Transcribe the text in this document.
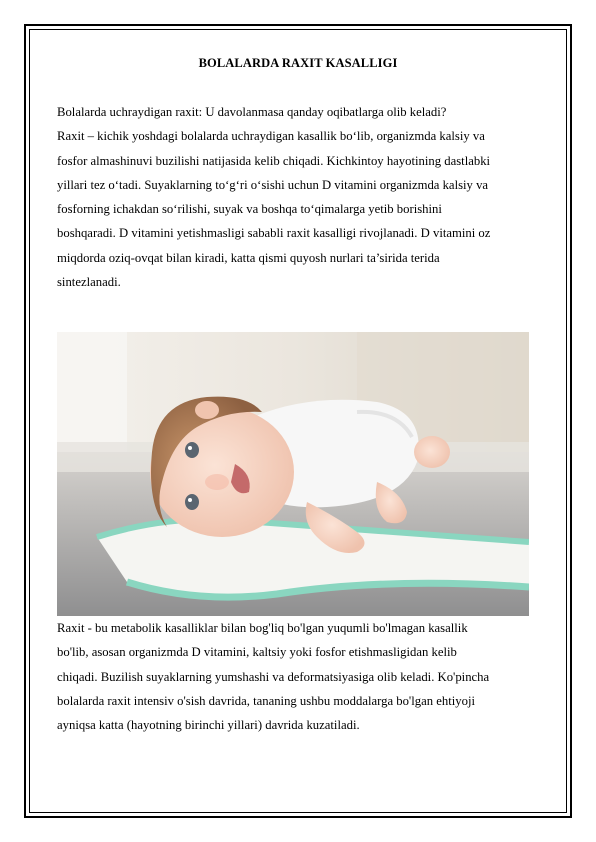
BOLALARDA RAXIT KASALLIGI
Bolalarda uchraydigan raxit: U davolanmasa qanday oqibatlarga olib keladi?
Raxit – kichik yoshdagi bolalarda uchraydigan kasallik bo‘lib, organizmda kalsiy va
fosfor almashinuvi buzilishi natijasida kelib chiqadi. Kichkintoy hayotining dastlabki
yillari tez o‘tadi. Suyaklarning to‘g‘ri o‘sishi uchun D vitamini organizmda kalsiy va
fosforning ichakdan so‘rilishi, suyak va boshqa to‘qimalarga yetib borishini
boshqaradi. D vitamini yetishmasligi sababli raxit kasalligi rivojlanadi. D vitamini oz
miqdorda oziq-ovqat bilan kiradi, katta qismi quyosh nurlari ta’sirida terida
sintezlanadi.
Raxit - bu metabolik kasalliklar bilan bog'liq bo'lgan yuqumli bo'lmagan kasallik
bo'lib, asosan organizmda D vitamini, kaltsiy yoki fosfor etishmasligidan kelib
chiqadi. Buzilish suyaklarning yumshashi va deformatsiyasiga olib keladi. Ko'pincha
bolalarda raxit intensiv o'sish davrida, tananing ushbu moddalarga bo'lgan ehtiyoji
ayniqsa katta (hayotning birinchi yillari) davrida kuzatiladi.
